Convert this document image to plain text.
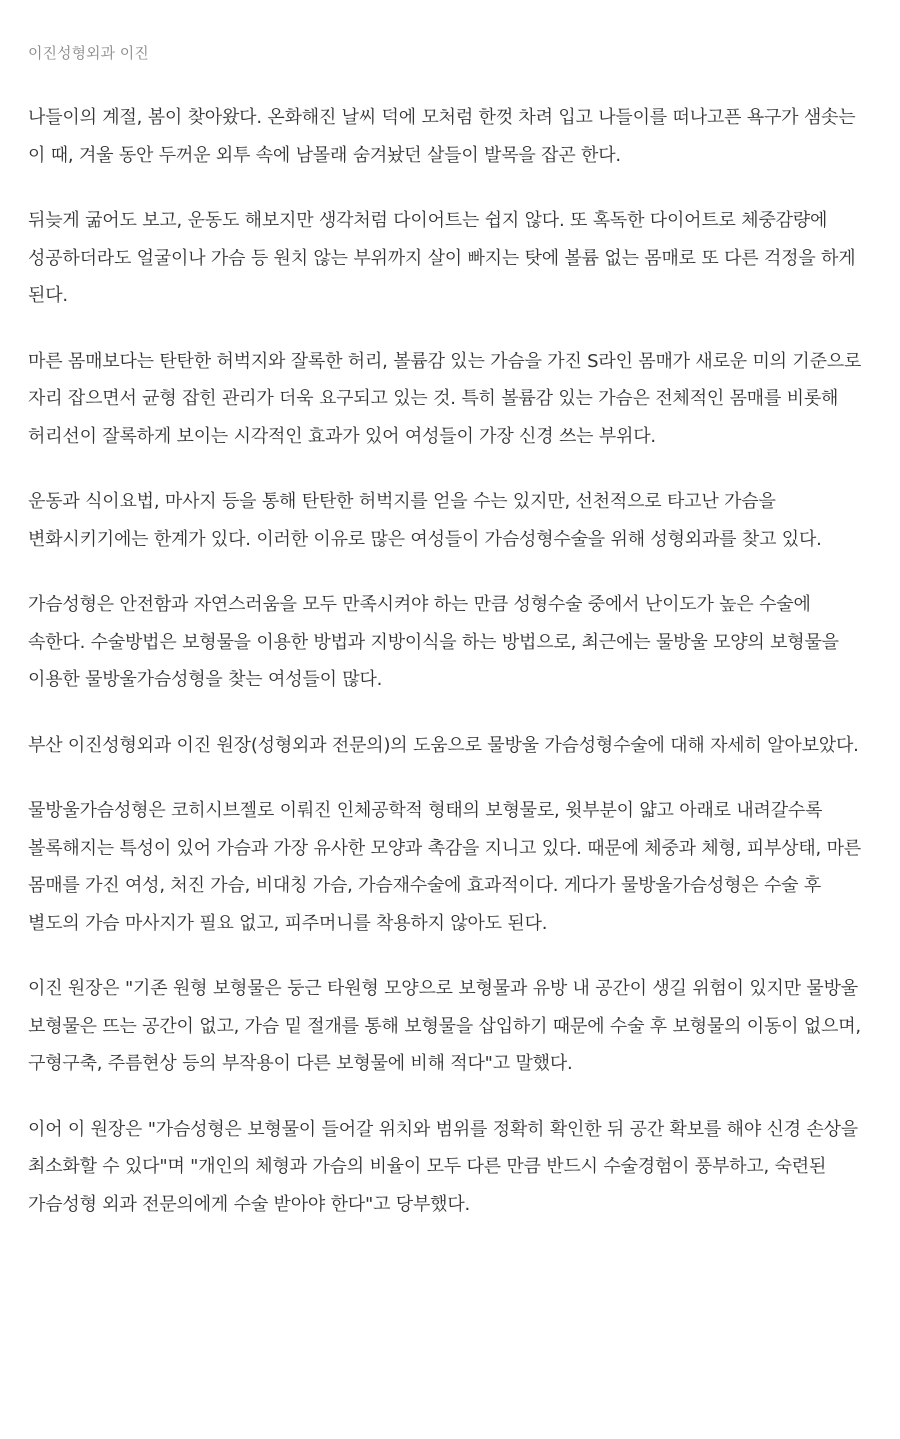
이진성형외과 이진

나들이의 계절, 봄이 찾아왔다. 온화해진 날씨 덕에 모처럼 한껏 차려 입고 나들이를 떠나고픈 욕구가 샘솟는 이 때, 겨울 동안 두꺼운 외투 속에 남몰래 숨겨놨던 살들이 발목을 잡곤 한다.

뒤늦게 굶어도 보고, 운동도 해보지만 생각처럼 다이어트는 쉽지 않다. 또 혹독한 다이어트로 체중감량에 성공하더라도 얼굴이나 가슴 등 원치 않는 부위까지 살이 빠지는 탓에 볼륨 없는 몸매로 또 다른 걱정을 하게 된다.

마른 몸매보다는 탄탄한 허벅지와 잘록한 허리, 볼륨감 있는 가슴을 가진 S라인 몸매가 새로운 미의 기준으로 자리 잡으면서 균형 잡힌 관리가 더욱 요구되고 있는 것. 특히 볼륨감 있는 가슴은 전체적인 몸매를 비롯해 허리선이 잘록하게 보이는 시각적인 효과가 있어 여성들이 가장 신경 쓰는 부위다.

운동과 식이요법, 마사지 등을 통해 탄탄한 허벅지를 얻을 수는 있지만, 선천적으로 타고난 가슴을 변화시키기에는 한계가 있다. 이러한 이유로 많은 여성들이 가슴성형수술을 위해 성형외과를 찾고 있다.

가슴성형은 안전함과 자연스러움을 모두 만족시켜야 하는 만큼 성형수술 중에서 난이도가 높은 수술에 속한다. 수술방법은 보형물을 이용한 방법과 지방이식을 하는 방법으로, 최근에는 물방울 모양의 보형물을 이용한 물방울가슴성형을 찾는 여성들이 많다.

부산 이진성형외과 이진 원장(성형외과 전문의)의 도움으로 물방울 가슴성형수술에 대해 자세히 알아보았다.

물방울가슴성형은 코히시브젤로 이뤄진 인체공학적 형태의 보형물로, 윗부분이 얇고 아래로 내려갈수록 볼록해지는 특성이 있어 가슴과 가장 유사한 모양과 촉감을 지니고 있다. 때문에 체중과 체형, 피부상태, 마른 몸매를 가진 여성, 처진 가슴, 비대칭 가슴, 가슴재수술에 효과적이다. 게다가 물방울가슴성형은 수술 후 별도의 가슴 마사지가 필요 없고, 피주머니를 착용하지 않아도 된다.

이진 원장은 "기존 원형 보형물은 둥근 타원형 모양으로 보형물과 유방 내 공간이 생길 위험이 있지만 물방울 보형물은 뜨는 공간이 없고, 가슴 밑 절개를 통해 보형물을 삽입하기 때문에 수술 후 보형물의 이동이 없으며, 구형구축, 주름현상 등의 부작용이 다른 보형물에 비해 적다"고 말했다.

이어 이 원장은 "가슴성형은 보형물이 들어갈 위치와 범위를 정확히 확인한 뒤 공간 확보를 해야 신경 손상을 최소화할 수 있다"며 "개인의 체형과 가슴의 비율이 모두 다른 만큼 반드시 수술경험이 풍부하고, 숙련된 가슴성형 외과 전문의에게 수술 받아야 한다"고 당부했다.
